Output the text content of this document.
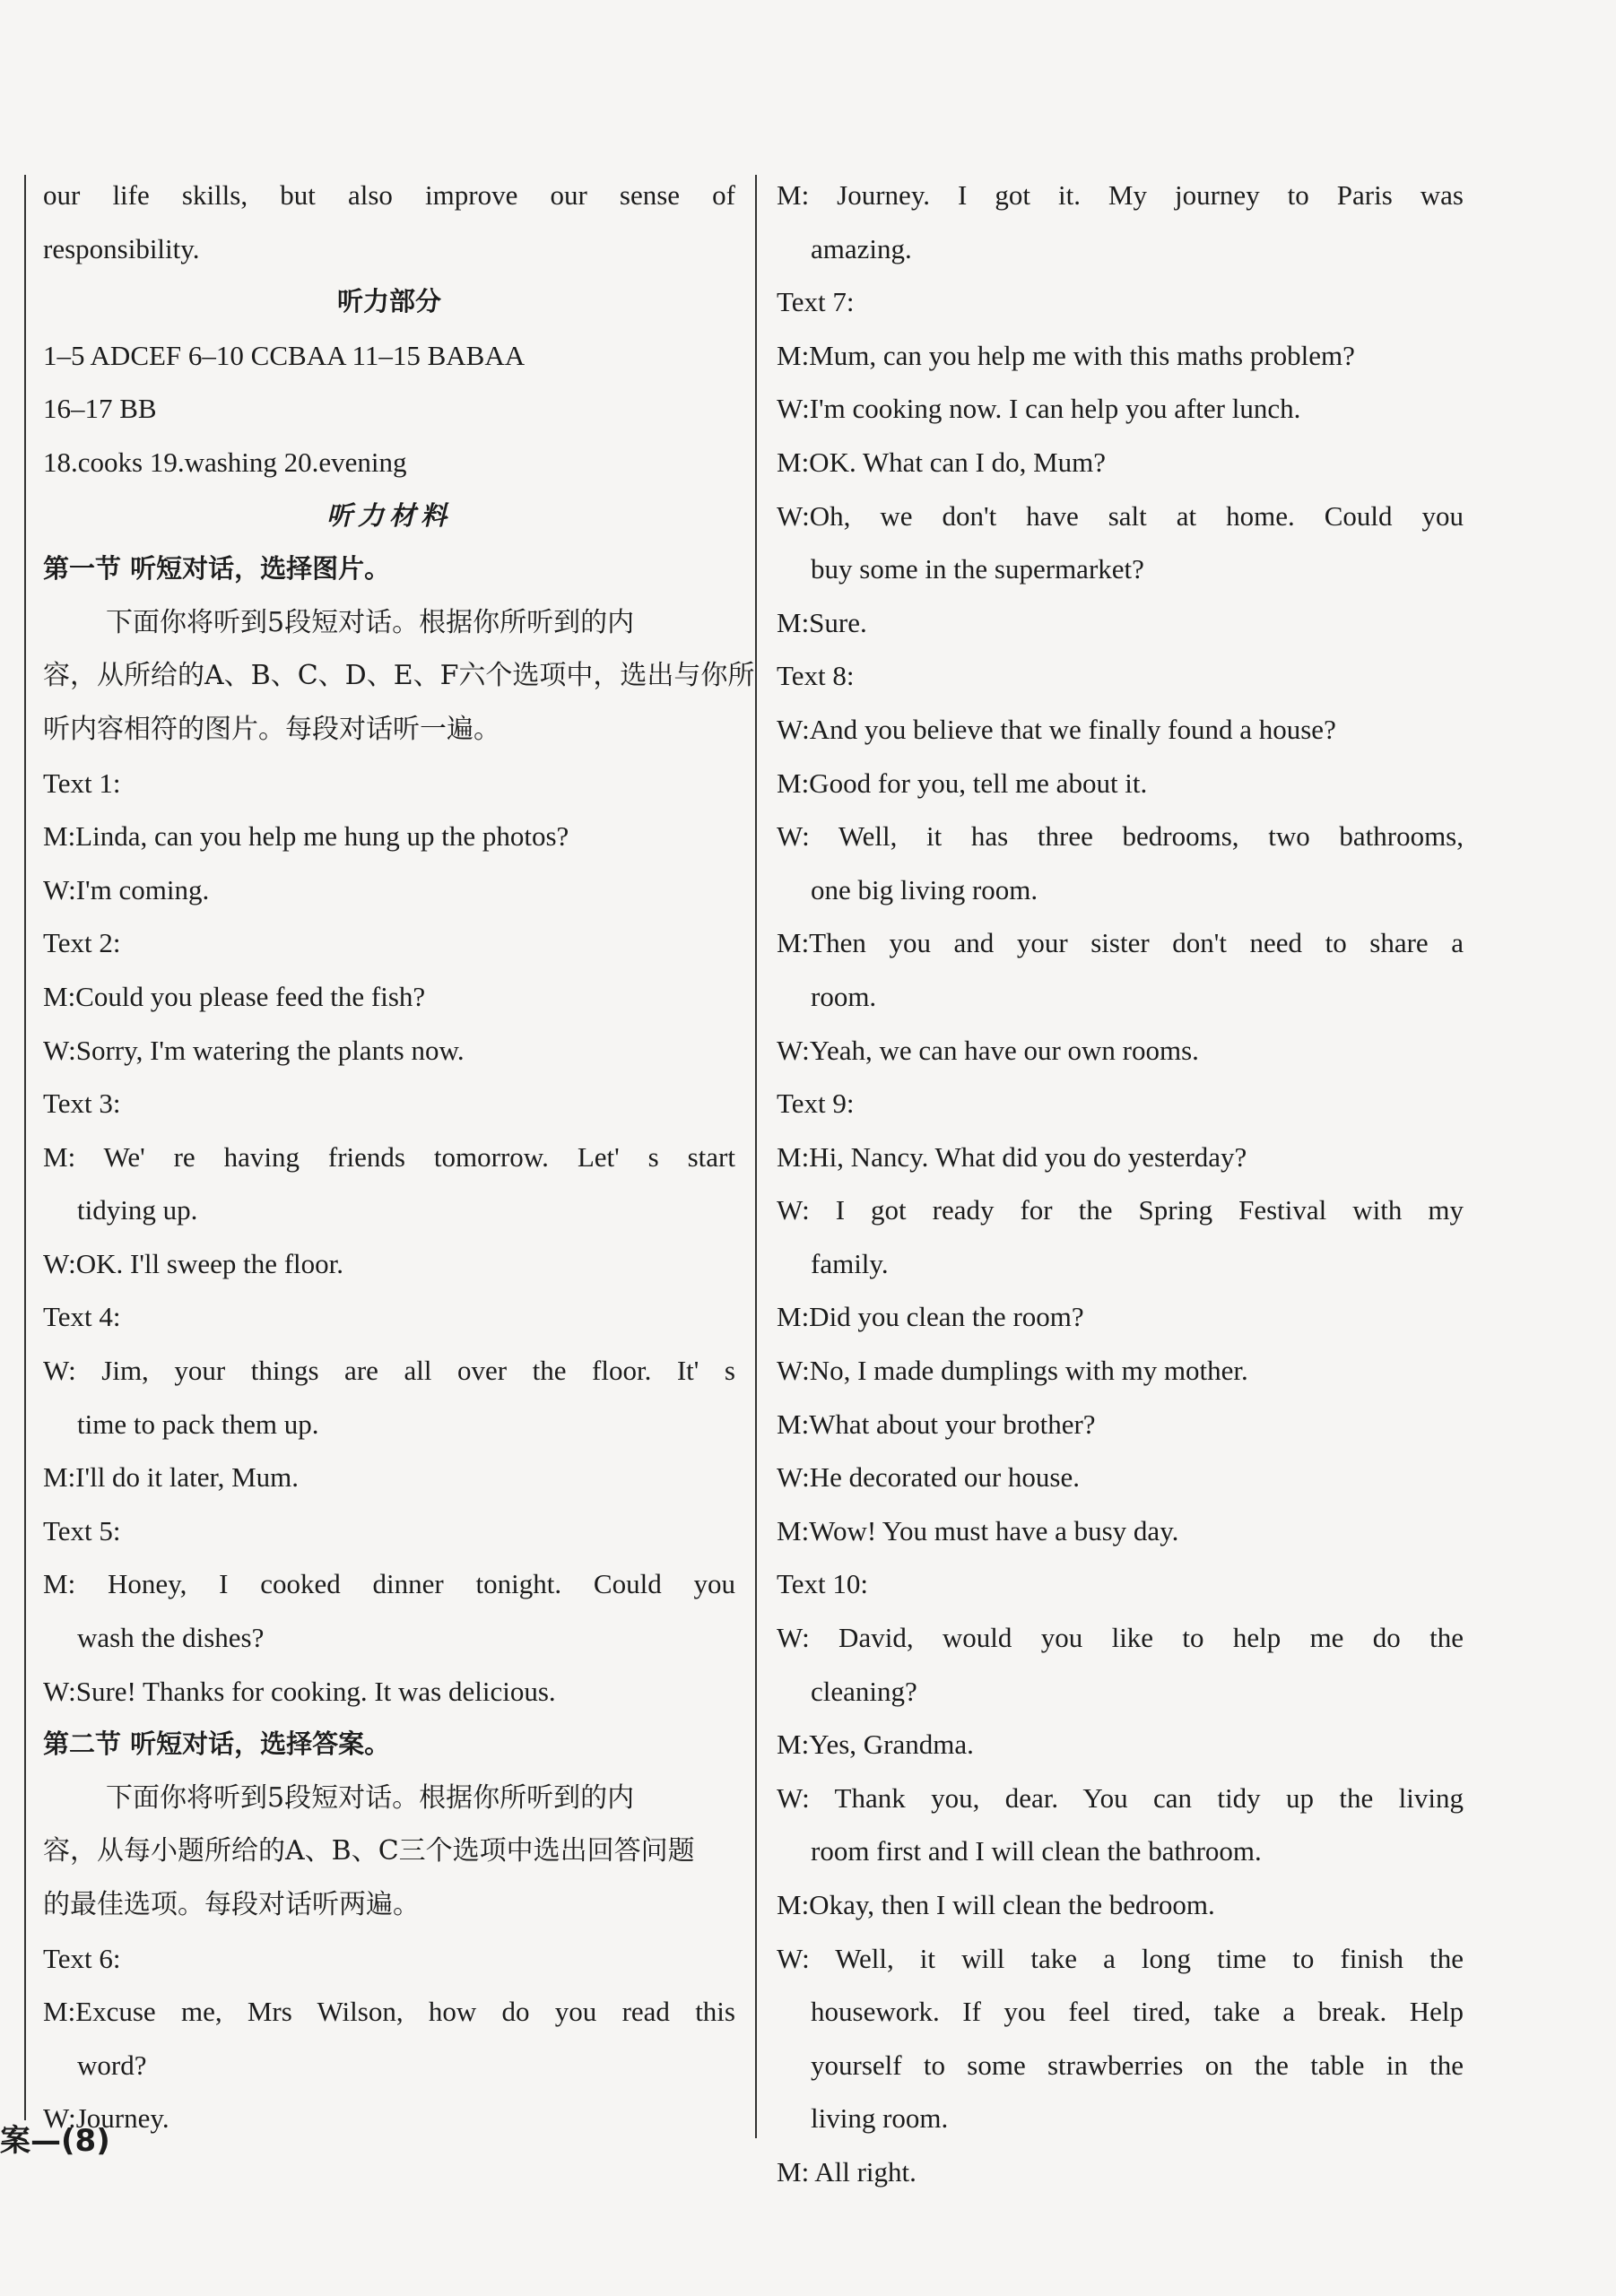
our life skills, but also improve our sense of
responsibility.
听力部分
1–5 ADCEF 6–10 CCBAA 11–15 BABAA
16–17 BB
18.cooks 19.washing 20.evening
听力材料
第一节 听短对话，选择图片。
下面你将听到5段短对话。根据你所听到的内
容，从所给的A、B、C、D、E、F六个选项中，选出与你所
听内容相符的图片。每段对话听一遍。
Text 1:
M:Linda, can you help me hung up the photos?
W:I'm coming.
Text 2:
M:Could you please feed the fish?
W:Sorry, I'm watering the plants now.
Text 3:
M: We' re having friends tomorrow. Let' s start
tidying up.
W:OK. I'll sweep the floor.
Text 4:
W: Jim, your things are all over the floor. It' s
time to pack them up.
M:I'll do it later, Mum.
Text 5:
M: Honey, I cooked dinner tonight. Could you
wash the dishes?
W:Sure! Thanks for cooking. It was delicious.
第二节 听短对话，选择答案。
下面你将听到5段短对话。根据你所听到的内
容，从每小题所给的A、B、C三个选项中选出回答问题
的最佳选项。每段对话听两遍。
Text 6:
M:Excuse me, Mrs Wilson, how do you read this
word?
W:Journey.
M: Journey. I got it. My journey to Paris was
amazing.
Text 7:
M:Mum, can you help me with this maths problem?
W:I'm cooking now. I can help you after lunch.
M:OK. What can I do, Mum?
W:Oh, we don't have salt at home. Could you
buy some in the supermarket?
M:Sure.
Text 8:
W:And you believe that we finally found a house?
M:Good for you, tell me about it.
W: Well, it has three bedrooms, two bathrooms,
one big living room.
M:Then you and your sister don't need to share a
room.
W:Yeah, we can have our own rooms.
Text 9:
M:Hi, Nancy. What did you do yesterday?
W: I got ready for the Spring Festival with my
family.
M:Did you clean the room?
W:No, I made dumplings with my mother.
M:What about your brother?
W:He decorated our house.
M:Wow! You must have a busy day.
Text 10:
W: David, would you like to help me do the
cleaning?
M:Yes, Grandma.
W: Thank you, dear. You can tidy up the living
room first and I will clean the bathroom.
M:Okay, then I will clean the bedroom.
W: Well, it will take a long time to finish the
housework. If you feel tired, take a break. Help
yourself to some strawberries on the table in the
living room.
M: All right.
案—(8)
